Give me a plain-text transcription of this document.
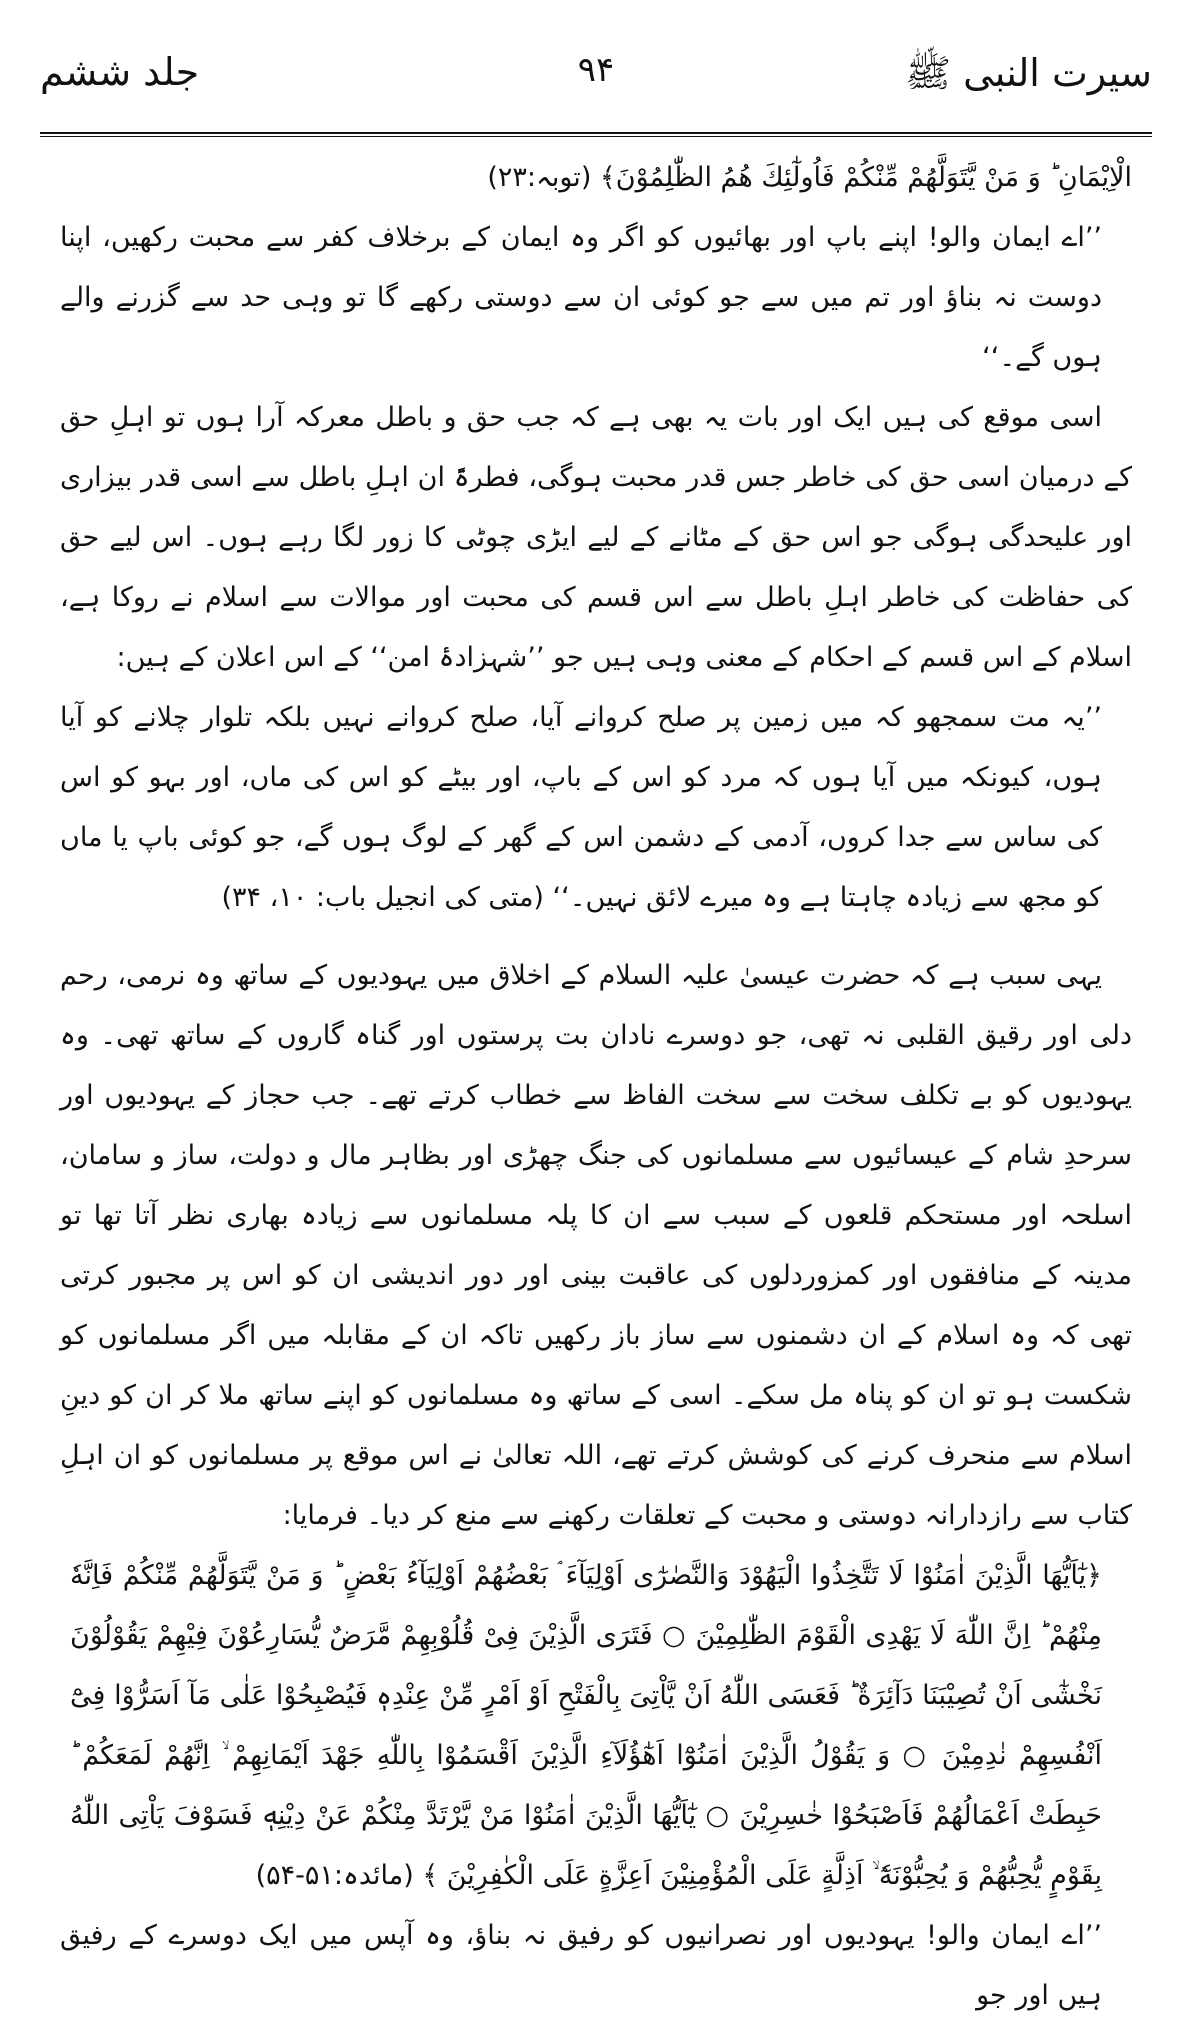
سیرت النبی ﷺ
۹۴
جلد ششم

الْاِيْمَانِ ؕ وَ مَنْ يَّتَوَلَّهُمْ مِّنْكُمْ فَاُولٰٓئِكَ هُمُ الظّٰلِمُوْنَ﴾ (توبہ:۲۳)

’’اے ایمان والو! اپنے باپ اور بھائیوں کو اگر وہ ایمان کے برخلاف کفر سے محبت رکھیں، اپنا دوست نہ بناؤ اور تم میں سے جو کوئی ان سے دوستی رکھے گا تو وہی حد سے گزرنے والے ہوں گے۔‘‘

اسی موقع کی ہیں ایک اور بات یہ بھی ہے کہ جب حق و باطل معرکہ آرا ہوں تو اہلِ حق کے درمیان اسی حق کی خاطر جس قدر محبت ہوگی، فطرۃً ان اہلِ باطل سے اسی قدر بیزاری اور علیحدگی ہوگی جو اس حق کے مٹانے کے لیے ایڑی چوٹی کا زور لگا رہے ہوں۔ اس لیے حق کی حفاظت کی خاطر اہلِ باطل سے اس قسم کی محبت اور موالات سے اسلام نے روکا ہے، اسلام کے اس قسم کے احکام کے معنی وہی ہیں جو ’’شہزادۂ امن‘‘ کے اس اعلان کے ہیں:

’’یہ مت سمجھو کہ میں زمین پر صلح کروانے آیا، صلح کروانے نہیں بلکہ تلوار چلانے کو آیا ہوں، کیونکہ میں آیا ہوں کہ مرد کو اس کے باپ، اور بیٹے کو اس کی ماں، اور بہو کو اس کی ساس سے جدا کروں، آدمی کے دشمن اس کے گھر کے لوگ ہوں گے، جو کوئی باپ یا ماں کو مجھ سے زیادہ چاہتا ہے وہ میرے لائق نہیں۔‘‘ (متی کی انجیل باب: ۱۰، ۳۴)

یہی سبب ہے کہ حضرت عیسیٰ علیہ السلام کے اخلاق میں یہودیوں کے ساتھ وہ نرمی، رحم دلی اور رقیق القلبی نہ تھی، جو دوسرے نادان بت پرستوں اور گناہ گاروں کے ساتھ تھی۔ وہ یہودیوں کو بے تکلف سخت سے سخت الفاظ سے خطاب کرتے تھے۔ جب حجاز کے یہودیوں اور سرحدِ شام کے عیسائیوں سے مسلمانوں کی جنگ چھڑی اور بظاہر مال و دولت، ساز و سامان، اسلحہ اور مستحکم قلعوں کے سبب سے ان کا پلہ مسلمانوں سے زیادہ بھاری نظر آتا تھا تو مدینہ کے منافقوں اور کمزوردلوں کی عاقبت بینی اور دور اندیشی ان کو اس پر مجبور کرتی تھی کہ وہ اسلام کے ان دشمنوں سے ساز باز رکھیں تاکہ ان کے مقابلہ میں اگر مسلمانوں کو شکست ہو تو ان کو پناہ مل سکے۔ اسی کے ساتھ وہ مسلمانوں کو اپنے ساتھ ملا کر ان کو دینِ اسلام سے منحرف کرنے کی کوشش کرتے تھے، اللہ تعالیٰ نے اس موقع پر مسلمانوں کو ان اہلِ کتاب سے رازدارانہ دوستی و محبت کے تعلقات رکھنے سے منع کر دیا۔ فرمایا:

﴿يٰٓاَيُّهَا الَّذِيْنَ اٰمَنُوْا لَا تَتَّخِذُوا الْيَهُوْدَ وَالنَّصٰرٰٓى اَوْلِيَآءَ ۘ بَعْضُهُمْ اَوْلِيَآءُ بَعْضٍ ؕ وَ مَنْ يَّتَوَلَّهُمْ مِّنْكُمْ فَاِنَّهٗ مِنْهُمْ ؕ اِنَّ اللّٰهَ لَا يَهْدِى الْقَوْمَ الظّٰلِمِيْنَ ○ فَتَرَى الَّذِيْنَ فِىْ قُلُوْبِهِمْ مَّرَضٌ يُّسَارِعُوْنَ فِيْهِمْ يَقُوْلُوْنَ نَخْشٰٓى اَنْ تُصِيْبَنَا دَآئِرَةٌ ؕ فَعَسَى اللّٰهُ اَنْ يَّاْتِىَ بِالْفَتْحِ اَوْ اَمْرٍ مِّنْ عِنْدِهٖ فَيُصْبِحُوْا عَلٰى مَآ اَسَرُّوْا فِىْٓ اَنْفُسِهِمْ نٰدِمِيْنَ ○ وَ يَقُوْلُ الَّذِيْنَ اٰمَنُوْٓا اَهٰٓؤُلَآءِ الَّذِيْنَ اَقْسَمُوْا بِاللّٰهِ جَهْدَ اَيْمَانِهِمْ ۙ اِنَّهُمْ لَمَعَكُمْ ؕ حَبِطَتْ اَعْمَالُهُمْ فَاَصْبَحُوْا خٰسِرِيْنَ ○ يٰٓاَيُّهَا الَّذِيْنَ اٰمَنُوْا مَنْ يَّرْتَدَّ مِنْكُمْ عَنْ دِيْنِهٖ فَسَوْفَ يَاْتِى اللّٰهُ بِقَوْمٍ يُّحِبُّهُمْ وَ يُحِبُّوْنَهٗٓ ۙ اَذِلَّةٍ عَلَى الْمُؤْمِنِيْنَ اَعِزَّةٍ عَلَى الْكٰفِرِيْنَ ﴾ (مائدہ:۵۱-۵۴)

’’اے ایمان والو! یہودیوں اور نصرانیوں کو رفیق نہ بناؤ، وہ آپس میں ایک دوسرے کے رفیق ہیں اور جو
